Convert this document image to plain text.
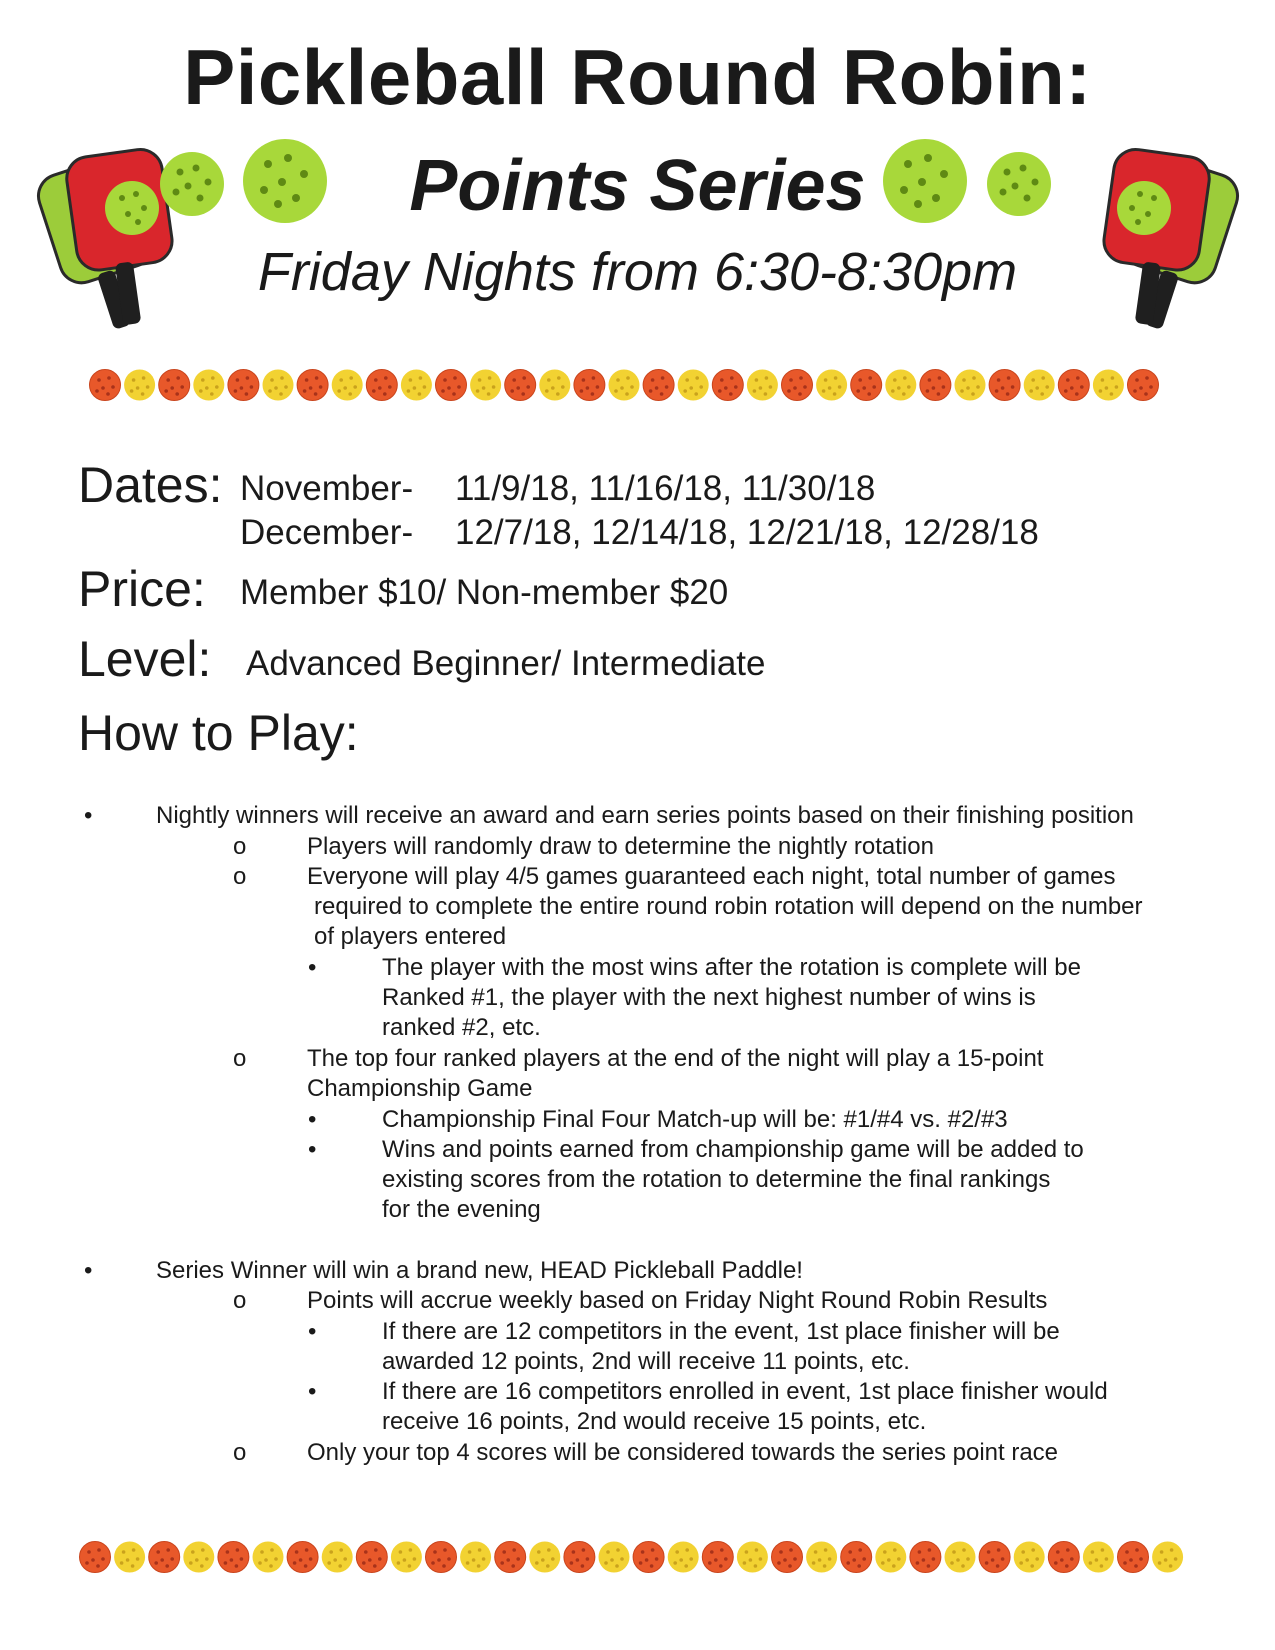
Pickleball Round Robin:
Points Series
Friday Nights from 6:30-8:30pm
Dates: November- 11/9/18, 11/16/18, 11/30/18
December- 12/7/18, 12/14/18, 12/21/18, 12/28/18
Price: Member $10/ Non-member $20
Level: Advanced Beginner/ Intermediate
How to Play:
•	Nightly winners will receive an award and earn series points based on their finishing position
o	Players will randomly draw to determine the nightly rotation
o	Everyone will play 4/5 games guaranteed each night, total number of games
required to complete the entire round robin rotation will depend on the number
of players entered
•	The player with the most wins after the rotation is complete will be
Ranked #1, the player with the next highest number of wins is
ranked #2, etc.
o	The top four ranked players at the end of the night will play a 15-point
Championship Game
•	Championship Final Four Match-up will be: #1/#4 vs. #2/#3
•	Wins and points earned from championship game will be added to
existing scores from the rotation to determine the final rankings
for the evening
•	Series Winner will win a brand new, HEAD Pickleball Paddle!
o	Points will accrue weekly based on Friday Night Round Robin Results
•	If there are 12 competitors in the event, 1st place finisher will be
awarded 12 points, 2nd will receive 11 points, etc.
•	If there are 16 competitors enrolled in event, 1st place finisher would
receive 16 points, 2nd would receive 15 points, etc.
o	Only your top 4 scores will be considered towards the series point race
